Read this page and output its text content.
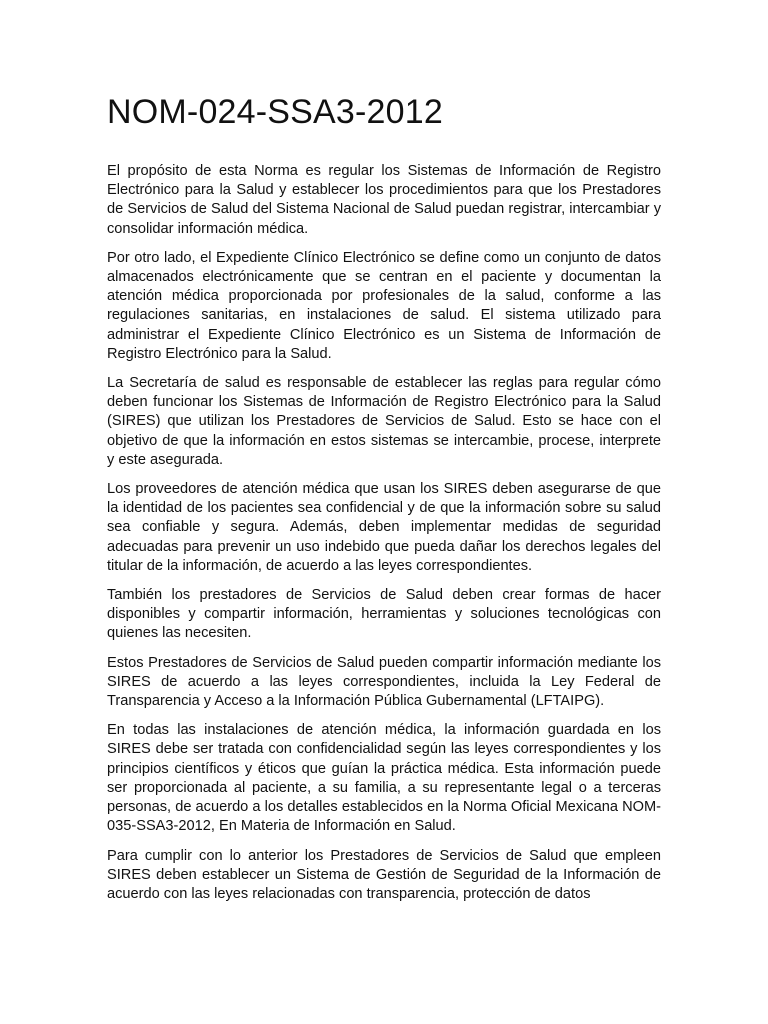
NOM-024-SSA3-2012

El propósito de esta Norma es regular los Sistemas de Información de Registro Electrónico para la Salud y establecer los procedimientos para que los Prestadores de Servicios de Salud del Sistema Nacional de Salud puedan registrar, intercambiar y consolidar información médica.

Por otro lado, el Expediente Clínico Electrónico se define como un conjunto de datos almacenados electrónicamente que se centran en el paciente y documentan la atención médica proporcionada por profesionales de la salud, conforme a las regulaciones sanitarias, en instalaciones de salud. El sistema utilizado para administrar el Expediente Clínico Electrónico es un Sistema de Información de Registro Electrónico para la Salud.

La Secretaría de salud es responsable de establecer las reglas para regular cómo deben funcionar los Sistemas de Información de Registro Electrónico para la Salud (SIRES) que utilizan los Prestadores de Servicios de Salud. Esto se hace con el objetivo de que la información en estos sistemas se intercambie, procese, interprete y este asegurada.

Los proveedores de atención médica que usan los SIRES deben asegurarse de que la identidad de los pacientes sea confidencial y de que la información sobre su salud sea confiable y segura. Además, deben implementar medidas de seguridad adecuadas para prevenir un uso indebido que pueda dañar los derechos legales del titular de la información, de acuerdo a las leyes correspondientes.

También los prestadores de Servicios de Salud deben crear formas de hacer disponibles y compartir información, herramientas y soluciones tecnológicas con quienes las necesiten.

Estos Prestadores de Servicios de Salud pueden compartir información mediante los SIRES de acuerdo a las leyes correspondientes, incluida la Ley Federal de Transparencia y Acceso a la Información Pública Gubernamental (LFTAIPG).

En todas las instalaciones de atención médica, la información guardada en los SIRES debe ser tratada con confidencialidad según las leyes correspondientes y los principios científicos y éticos que guían la práctica médica. Esta información puede ser proporcionada al paciente, a su familia, a su representante legal o a terceras personas, de acuerdo a los detalles establecidos en la Norma Oficial Mexicana NOM-035-SSA3-2012, En Materia de Información en Salud.

Para cumplir con lo anterior los Prestadores de Servicios de Salud que empleen SIRES deben establecer un Sistema de Gestión de Seguridad de la Información de acuerdo con las leyes relacionadas con transparencia, protección de datos
